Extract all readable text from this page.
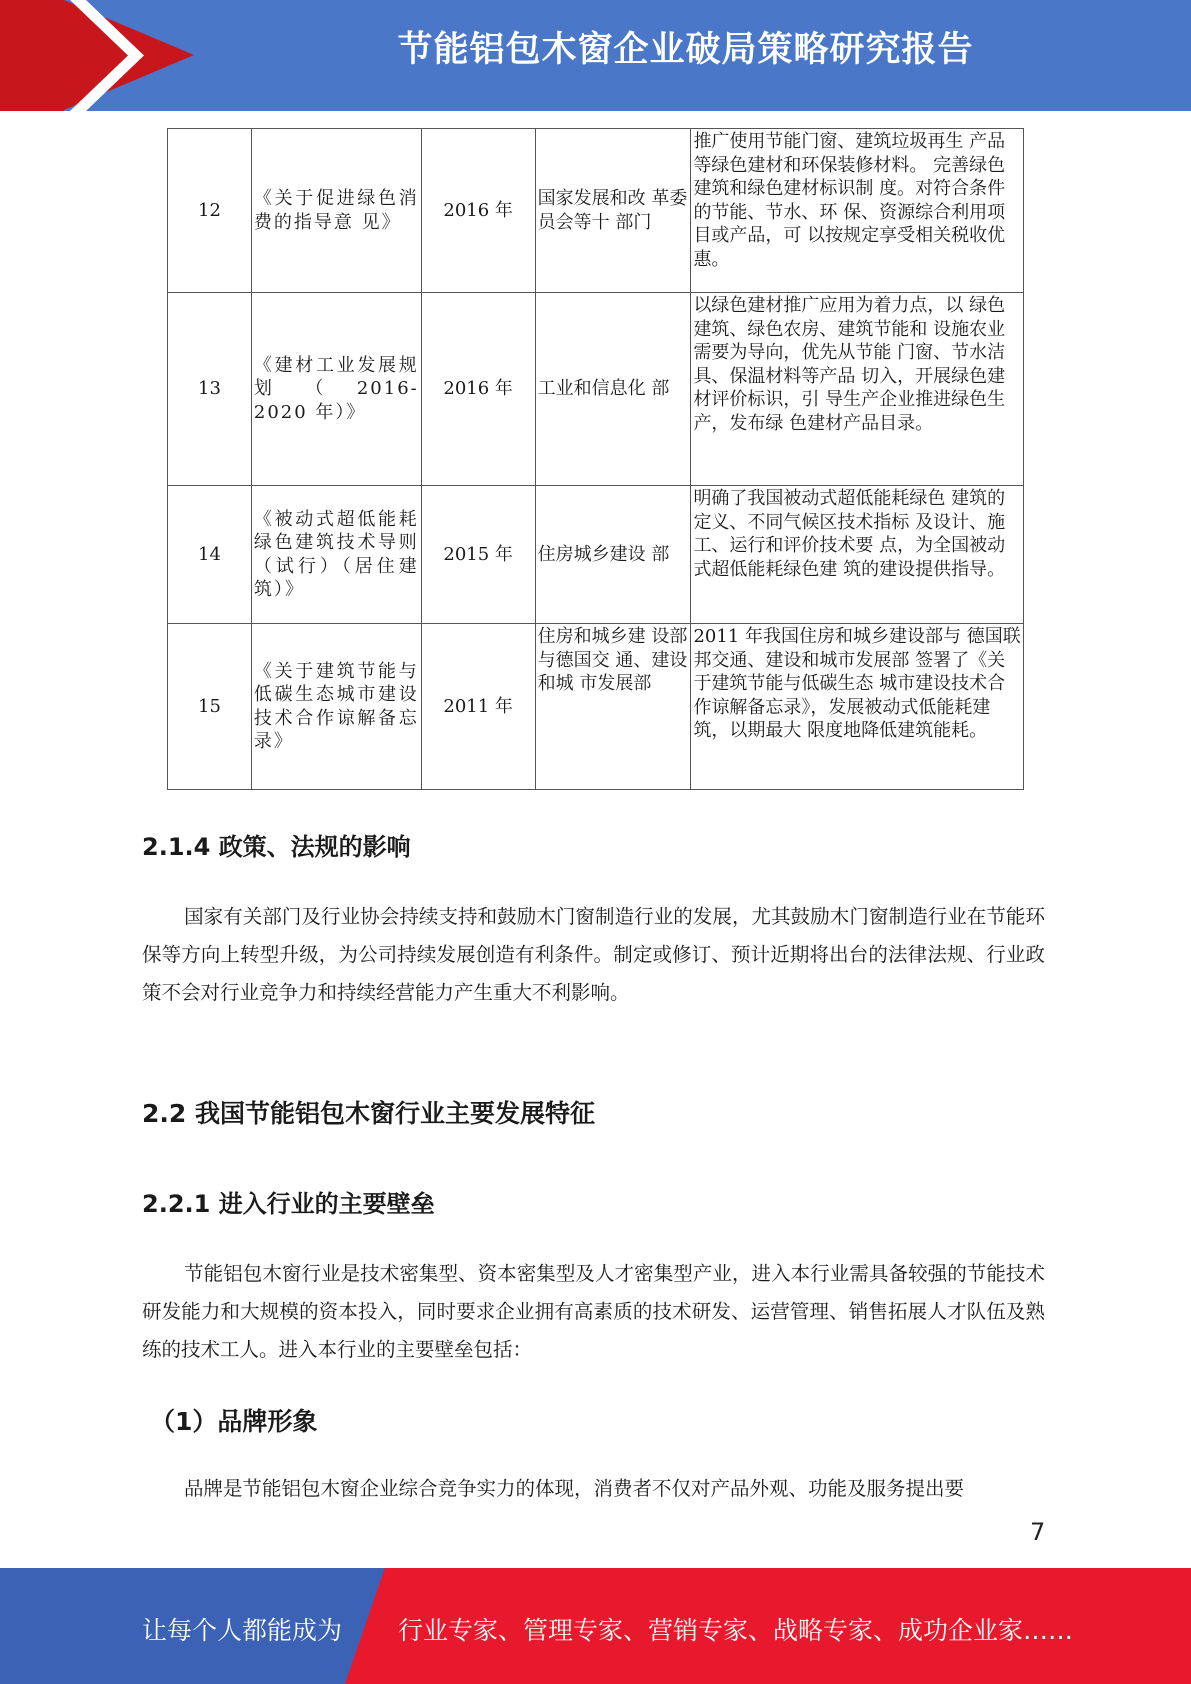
节能铝包木窗企业破局策略研究报告
12	《关于促进绿色消费的指导意 见》	2016 年	国家发展和改 革委员会等十 部门	推广使用节能门窗、建筑垃圾再生 产品等绿色建材和环保装修材料。 完善绿色建筑和绿色建材标识制 度。对符合条件的节能、节水、环 保、资源综合利用项目或产品，可 以按规定享受相关税收优惠。
13	《建材工业发展规 划 （ 2016-2020 年）》	2016 年	工业和信息化 部	以绿色建材推广应用为着力点，以 绿色建筑、绿色农房、建筑节能和 设施农业需要为导向，优先从节能 门窗、节水洁具、保温材料等产品 切入，开展绿色建材评价标识，引 导生产企业推进绿色生产，发布绿 色建材产品目录。
14	《被动式超低能耗绿色建筑技术导则（试行）（居住建筑）》	2015 年	住房城乡建设 部	明确了我国被动式超低能耗绿色 建筑的定义、不同气候区技术指标 及设计、施工、运行和评价技术要 点，为全国被动式超低能耗绿色建 筑的建设提供指导。
15	《关于建筑节能与低碳生态城市建设技术合作谅解备忘录》	2011 年	住房和城乡建 设部与德国交 通、建设和城 市发展部	2011 年我国住房和城乡建设部与 德国联邦交通、建设和城市发展部 签署了《关于建筑节能与低碳生态 城市建设技术合作谅解备忘录》，发展被动式低能耗建筑，以期最大 限度地降低建筑能耗。
2.1.4 政策、法规的影响
国家有关部门及行业协会持续支持和鼓励木门窗制造行业的发展，尤其鼓励木门窗制造行业在节能环保等方向上转型升级，为公司持续发展创造有利条件。制定或修订、预计近期将出台的法律法规、行业政策不会对行业竞争力和持续经营能力产生重大不利影响。
2.2 我国节能铝包木窗行业主要发展特征
2.2.1 进入行业的主要壁垒
节能铝包木窗行业是技术密集型、资本密集型及人才密集型产业，进入本行业需具备较强的节能技术研发能力和大规模的资本投入，同时要求企业拥有高素质的技术研发、运营管理、销售拓展人才队伍及熟练的技术工人。进入本行业的主要壁垒包括：
（1）品牌形象
品牌是节能铝包木窗企业综合竞争实力的体现，消费者不仅对产品外观、功能及服务提出要
7
让每个人都能成为 行业专家、管理专家、营销专家、战略专家、成功企业家……
